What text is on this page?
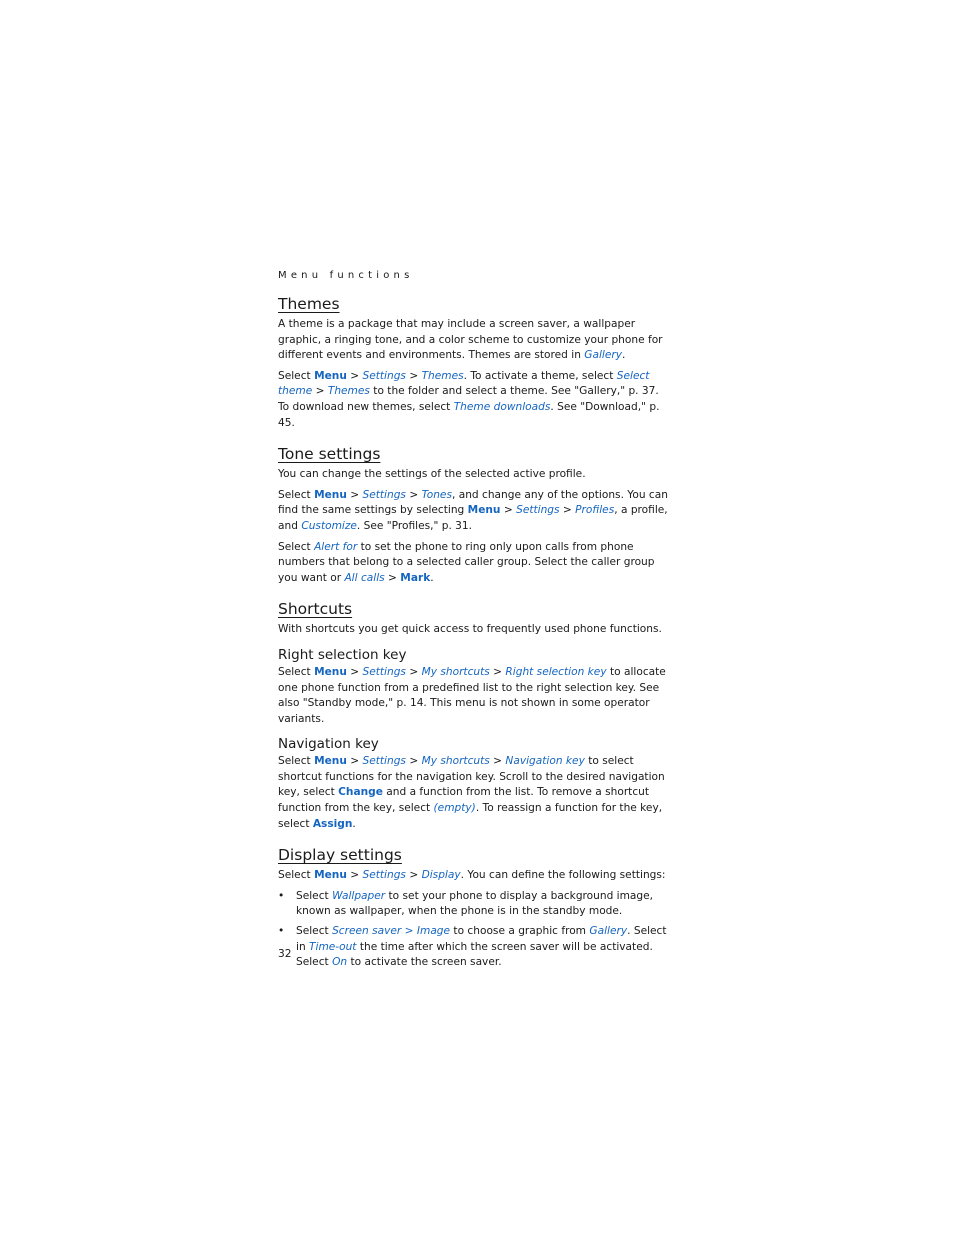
Menu functions
Themes

A theme is a package that may include a screen saver, a wallpaper graphic, a ringing tone, and a color scheme to customize your phone for different events and environments. Themes are stored in Gallery.

Select Menu > Settings > Themes. To activate a theme, select Select theme > Themes to the folder and select a theme. See "Gallery," p. 37. To download new themes, select Theme downloads. See "Download," p. 45.

Tone settings

You can change the settings of the selected active profile.

Select Menu > Settings > Tones, and change any of the options. You can find the same settings by selecting Menu > Settings > Profiles, a profile, and Customize. See "Profiles," p. 31.

Select Alert for to set the phone to ring only upon calls from phone numbers that belong to a selected caller group. Select the caller group you want or All calls > Mark.

Shortcuts

With shortcuts you get quick access to frequently used phone functions.

Right selection key

Select Menu > Settings > My shortcuts > Right selection key to allocate one phone function from a predefined list to the right selection key. See also "Standby mode," p. 14. This menu is not shown in some operator variants.

Navigation key

Select Menu > Settings > My shortcuts > Navigation key to select shortcut functions for the navigation key. Scroll to the desired navigation key, select Change and a function from the list. To remove a shortcut function from the key, select (empty). To reassign a function for the key, select Assign.

Display settings

Select Menu > Settings > Display. You can define the following settings:

• Select Wallpaper to set your phone to display a background image, known as wallpaper, when the phone is in the standby mode.
• Select Screen saver > Image to choose a graphic from Gallery. Select in Time-out the time after which the screen saver will be activated. Select On to activate the screen saver.
32
